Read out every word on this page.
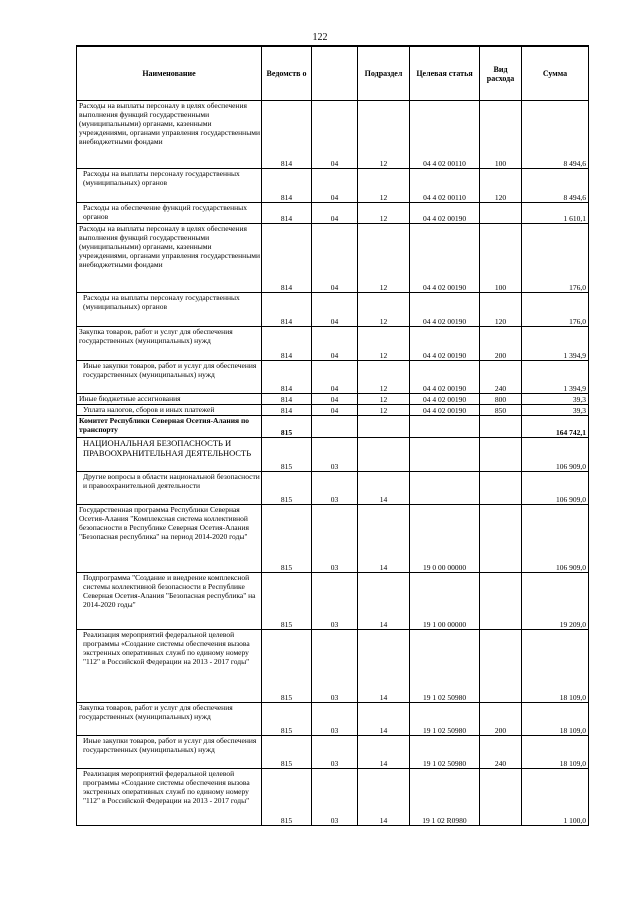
122
Наименование	Ведомств о		Подраздел	Целевая статья	Вид расхода	Сумма
Расходы на выплаты персоналу в целях обеспечения выполнения функций государственными (муниципальными) органами, казенными учреждениями, органами управления государственными внебюджетными фондами	814	04	12	04 4 02 00110	100	8 494,6
Расходы на выплаты персоналу государственных (муниципальных) органов	814	04	12	04 4 02 00110	120	8 494,6
Расходы на обеспечение функций государственных органов	814	04	12	04 4 02 00190		1 610,1
Расходы на выплаты персоналу в целях обеспечения выполнения функций государственными (муниципальными) органами, казенными учреждениями, органами управления государственными внебюджетными фондами	814	04	12	04 4 02 00190	100	176,0
Расходы на выплаты персоналу государственных (муниципальных) органов	814	04	12	04 4 02 00190	120	176,0
Закупка товаров, работ и услуг для обеспечения государственных (муниципальных) нужд	814	04	12	04 4 02 00190	200	1 394,9
Иные закупки товаров, работ и услуг для обеспечения государственных (муниципальных) нужд	814	04	12	04 4 02 00190	240	1 394,9
Иные бюджетные ассигнования	814	04	12	04 4 02 00190	800	39,3
Уплата налогов, сборов и иных платежей	814	04	12	04 4 02 00190	850	39,3
Комитет Республики Северная Осетия-Алания по транспорту	815					164 742,1
НАЦИОНАЛЬНАЯ БЕЗОПАСНОСТЬ И ПРАВООХРАНИТЕЛЬНАЯ ДЕЯТЕЛЬНОСТЬ	815	03				106 909,0
Другие вопросы в области национальной безопасности и правоохранительной деятельности	815	03	14			106 909,0
Государственная программа Республики Северная Осетия-Алания "Комплексная система коллективной безопасности в Республике Северная Осетия-Алания "Безопасная республика" на период 2014-2020 годы"	815	03	14	19 0 00 00000		106 909,0
Подпрограмма "Создание и внедрение комплексной системы коллективной безопасности в Республике Северная Осетия-Алания "Безопасная республика" на 2014-2020 годы"	815	03	14	19 1 00 00000		19 209,0
Реализация мероприятий федеральной целевой программы «Создание системы обеспечения вызова экстренных оперативных служб по единому номеру "112" в Российской Федерации на 2013 - 2017 годы"	815	03	14	19 1 02 50980		18 109,0
Закупка товаров, работ и услуг для обеспечения государственных (муниципальных) нужд	815	03	14	19 1 02 50980	200	18 109,0
Иные закупки товаров, работ и услуг для обеспечения государственных (муниципальных) нужд	815	03	14	19 1 02 50980	240	18 109,0
Реализация мероприятий федеральной целевой программы «Создание системы обеспечения вызова экстренных оперативных служб по единому номеру "112" в Российской Федерации на 2013 - 2017 годы"	815	03	14	19 1 02 R0980		1 100,0
